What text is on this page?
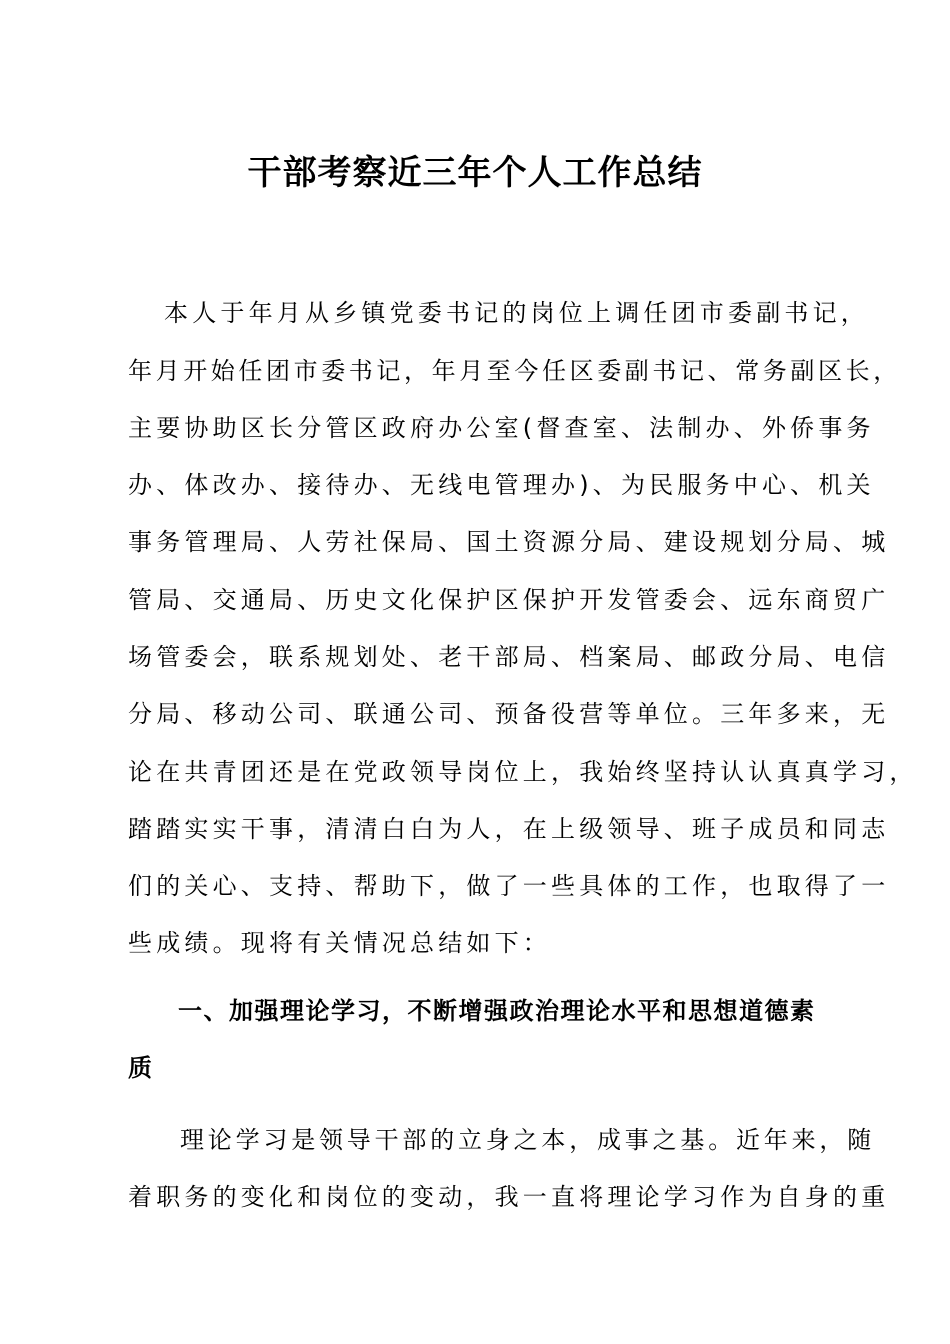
干部考察近三年个人工作总结
本人于年月从乡镇党委书记的岗位上调任团市委副书记，
年月开始任团市委书记，年月至今任区委副书记、常务副区长，
主要协助区长分管区政府办公室(督查室、法制办、外侨事务
办、体改办、接待办、无线电管理办)、为民服务中心、机关
事务管理局、人劳社保局、国土资源分局、建设规划分局、城
管局、交通局、历史文化保护区保护开发管委会、远东商贸广
场管委会，联系规划处、老干部局、档案局、邮政分局、电信
分局、移动公司、联通公司、预备役营等单位。三年多来，无
论在共青团还是在党政领导岗位上，我始终坚持认认真真学习，
踏踏实实干事，清清白白为人，在上级领导、班子成员和同志
们的关心、支持、帮助下，做了一些具体的工作，也取得了一
些成绩。现将有关情况总结如下：
一、加强理论学习，不断增强政治理论水平和思想道德素
质
理论学习是领导干部的立身之本，成事之基。近年来，随
着职务的变化和岗位的变动，我一直将理论学习作为自身的重
